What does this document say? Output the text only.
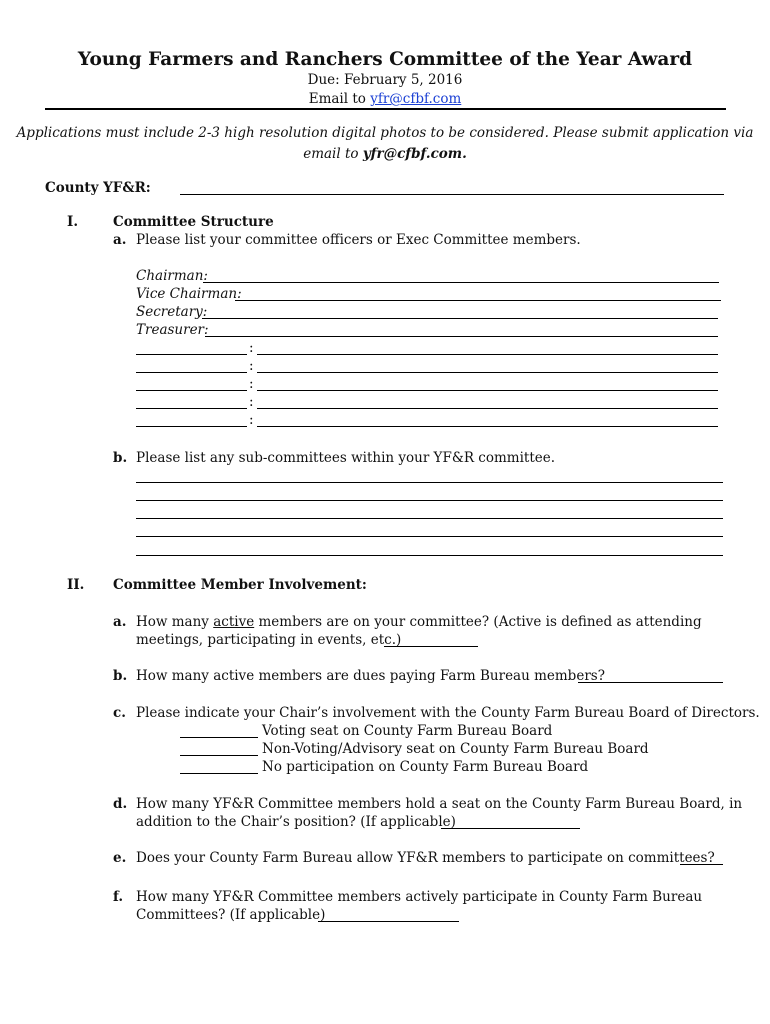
Young Farmers and Ranchers Committee of the Year Award
Due: February 5, 2016
Email to yfr@cfbf.com
Applications must include 2-3 high resolution digital photos to be considered. Please submit application via
email to yfr@cfbf.com.
County YF&R:
I.	Committee Structure
a. Please list your committee officers or Exec Committee members.
Chairman:
Vice Chairman:
Secretary:
Treasurer:
:
:
:
:
:
b. Please list any sub-committees within your YF&R committee.
II. Committee Member Involvement:
a. How many active members are on your committee? (Active is defined as attending
meetings, participating in events, etc.)
b. How many active members are dues paying Farm Bureau members?
c. Please indicate your Chair’s involvement with the County Farm Bureau Board of Directors.
Voting seat on County Farm Bureau Board
Non-Voting/Advisory seat on County Farm Bureau Board
No participation on County Farm Bureau Board
d. How many YF&R Committee members hold a seat on the County Farm Bureau Board, in
addition to the Chair’s position? (If applicable)
e. Does your County Farm Bureau allow YF&R members to participate on committees?
f. How many YF&R Committee members actively participate in County Farm Bureau
Committees? (If applicable)
